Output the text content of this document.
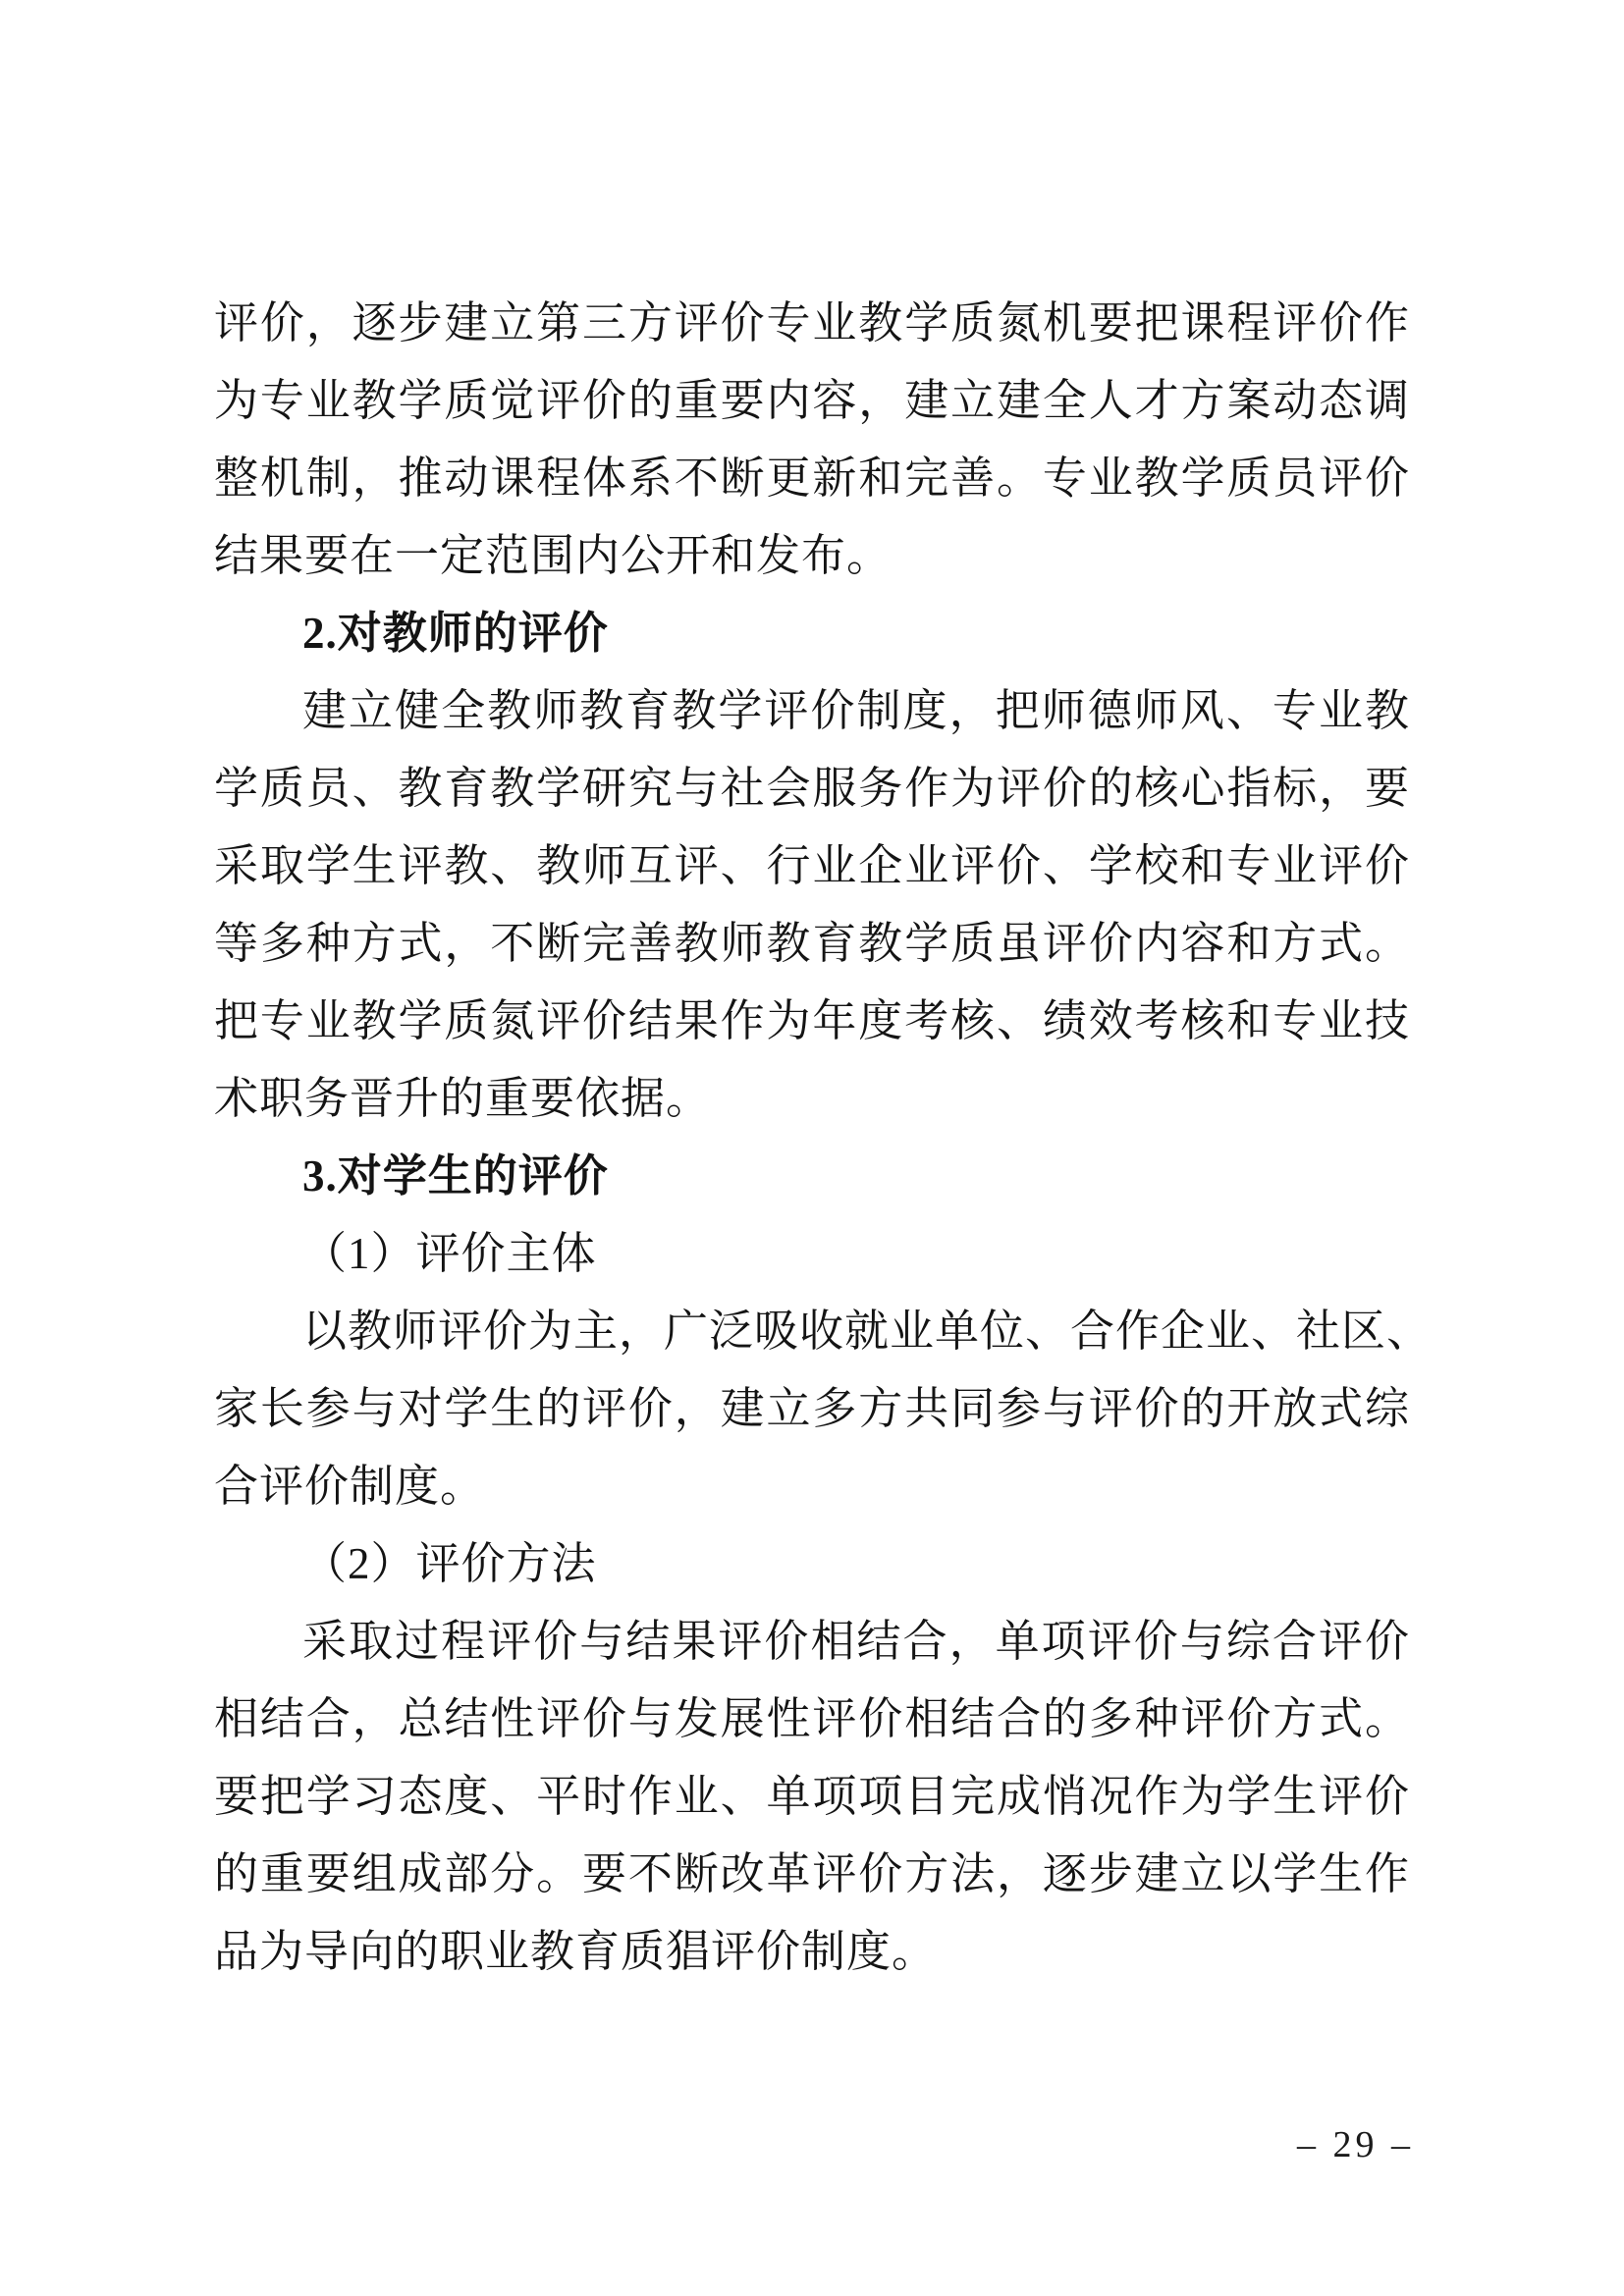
评价，逐步建立第三方评价专业教学质氮机要把课程评价作
为专业教学质觉评价的重要内容，建立建全人才方案动态调
整机制，推动课程体系不断更新和完善。专业教学质员评价
结果要在一定范围内公开和发布。
2.对教师的评价
建立健全教师教育教学评价制度，把师德师风、专业教
学质员、教育教学研究与社会服务作为评价的核心指标，要
采取学生评教、教师互评、行业企业评价、学校和专业评价
等多种方式，不断完善教师教育教学质虽评价内容和方式。
把专业教学质氮评价结果作为年度考核、绩效考核和专业技
术职务晋升的重要依据。
3.对学生的评价
（1）评价主体
以教师评价为主，广泛吸收就业单位、合作企业、社区、
家长参与对学生的评价，建立多方共同参与评价的开放式综
合评价制度。
（2）评价方法
采取过程评价与结果评价相结合，单项评价与综合评价
相结合，总结性评价与发展性评价相结合的多种评价方式。
要把学习态度、平时作业、单项项目完成悄况作为学生评价
的重要组成部分。要不断改革评价方法，逐步建立以学生作
品为导向的职业教育质猖评价制度。
– 29 –
